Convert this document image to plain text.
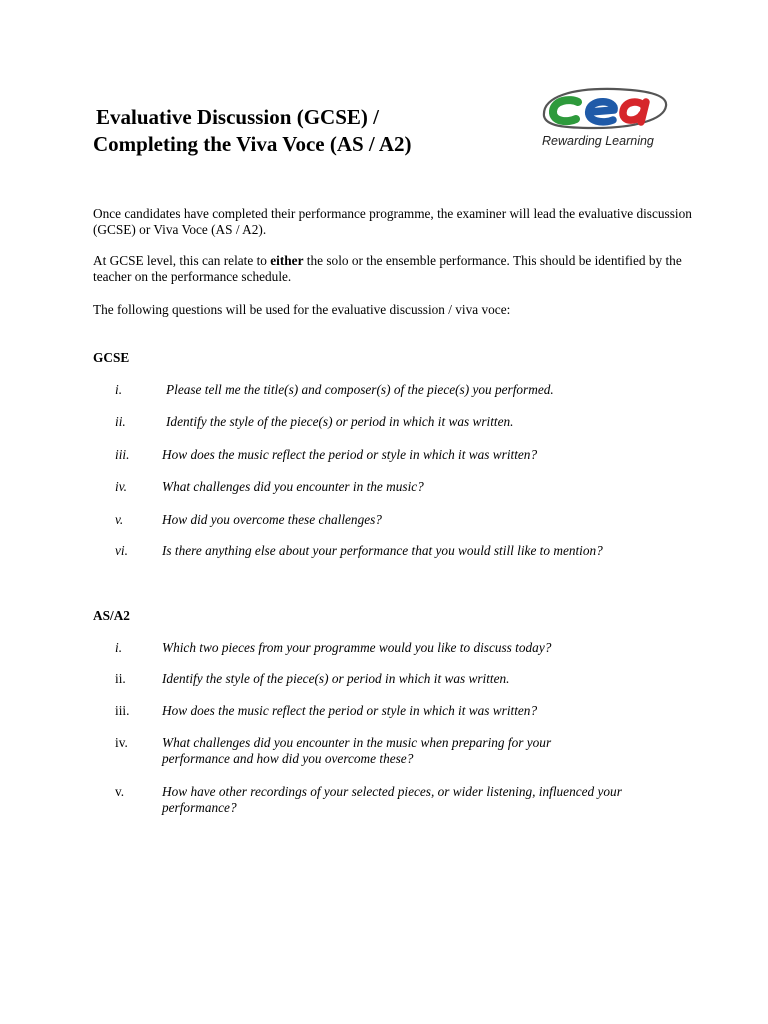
Evaluative Discussion (GCSE) /
Completing the Viva Voce (AS / A2)	Rewarding Learning

Once candidates have completed their performance programme, the examiner will lead the evaluative discussion (GCSE) or Viva Voce (AS / A2).

At GCSE level, this can relate to either the solo or the ensemble performance. This should be identified by the teacher on the performance schedule.

The following questions will be used for the evaluative discussion / viva voce:

GCSE
i.	Please tell me the title(s) and composer(s) of the piece(s) you performed.
ii.	Identify the style of the piece(s) or period in which it was written.
iii. How does the music reflect the period or style in which it was written?
iv.	What challenges did you encounter in the music?
v.	How did you overcome these challenges?
vi.	Is there anything else about your performance that you would still like to mention?
AS/A2
i.	Which two pieces from your programme would you like to discuss today?
ii.	Identify the style of the piece(s) or period in which it was written.
iii. How does the music reflect the period or style in which it was written?
iv.	What challenges did you encounter in the music when preparing for your performance and how did you overcome these?
v.	How have other recordings of your selected pieces, or wider listening, influenced your performance?
